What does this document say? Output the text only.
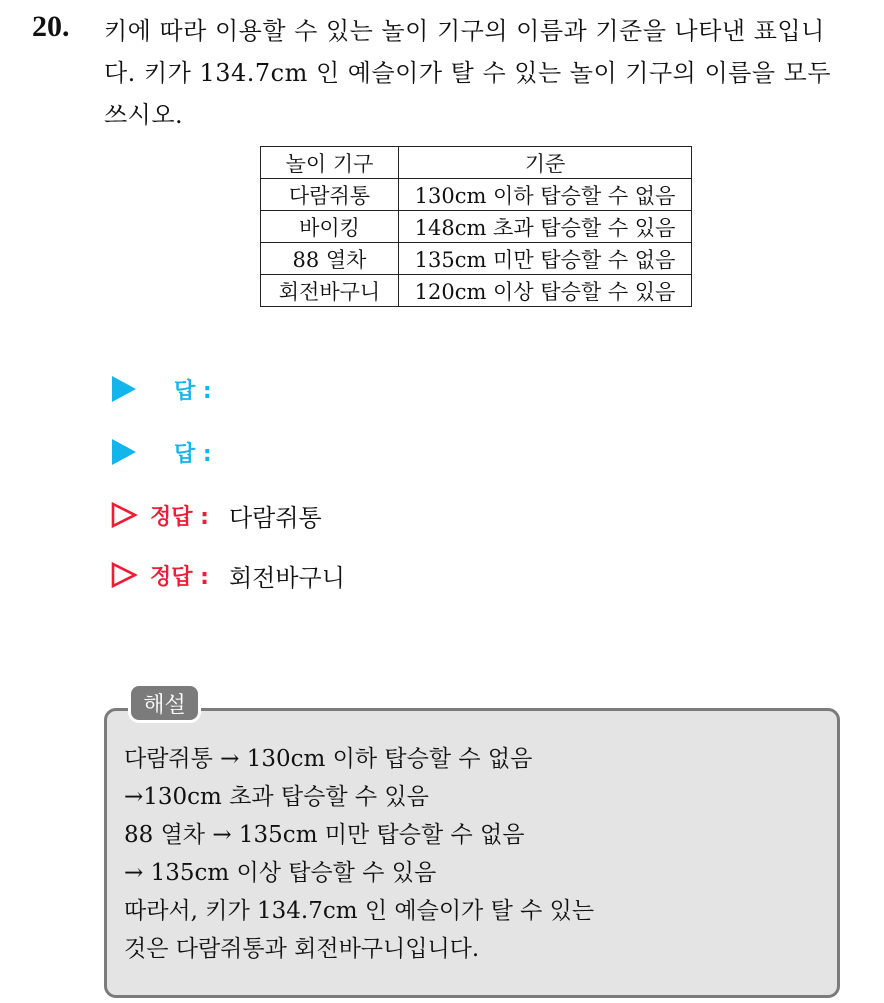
20. 키에 따라 이용할 수 있는 놀이 기구의 이름과 기준을 나타낸 표입니
다. 키가 134.7cm 인 예슬이가 탈 수 있는 놀이 기구의 이름을 모두
쓰시오.
놀이 기구	기준
다람쥐통	130cm 이하 탑승할 수 없음
바이킹	148cm 초과 탑승할 수 있음
88 열차	135cm 미만 탑승할 수 없음
회전바구니	120cm 이상 탑승할 수 있음
답 :
답 :
정답 : 다람쥐통
정답 : 회전바구니
해설
다람쥐통 → 130cm 이하 탑승할 수 없음
→130cm 초과 탑승할 수 있음
88 열차 → 135cm 미만 탑승할 수 없음
→ 135cm 이상 탑승할 수 있음
따라서, 키가 134.7cm 인 예슬이가 탈 수 있는
것은 다람쥐통과 회전바구니입니다.
